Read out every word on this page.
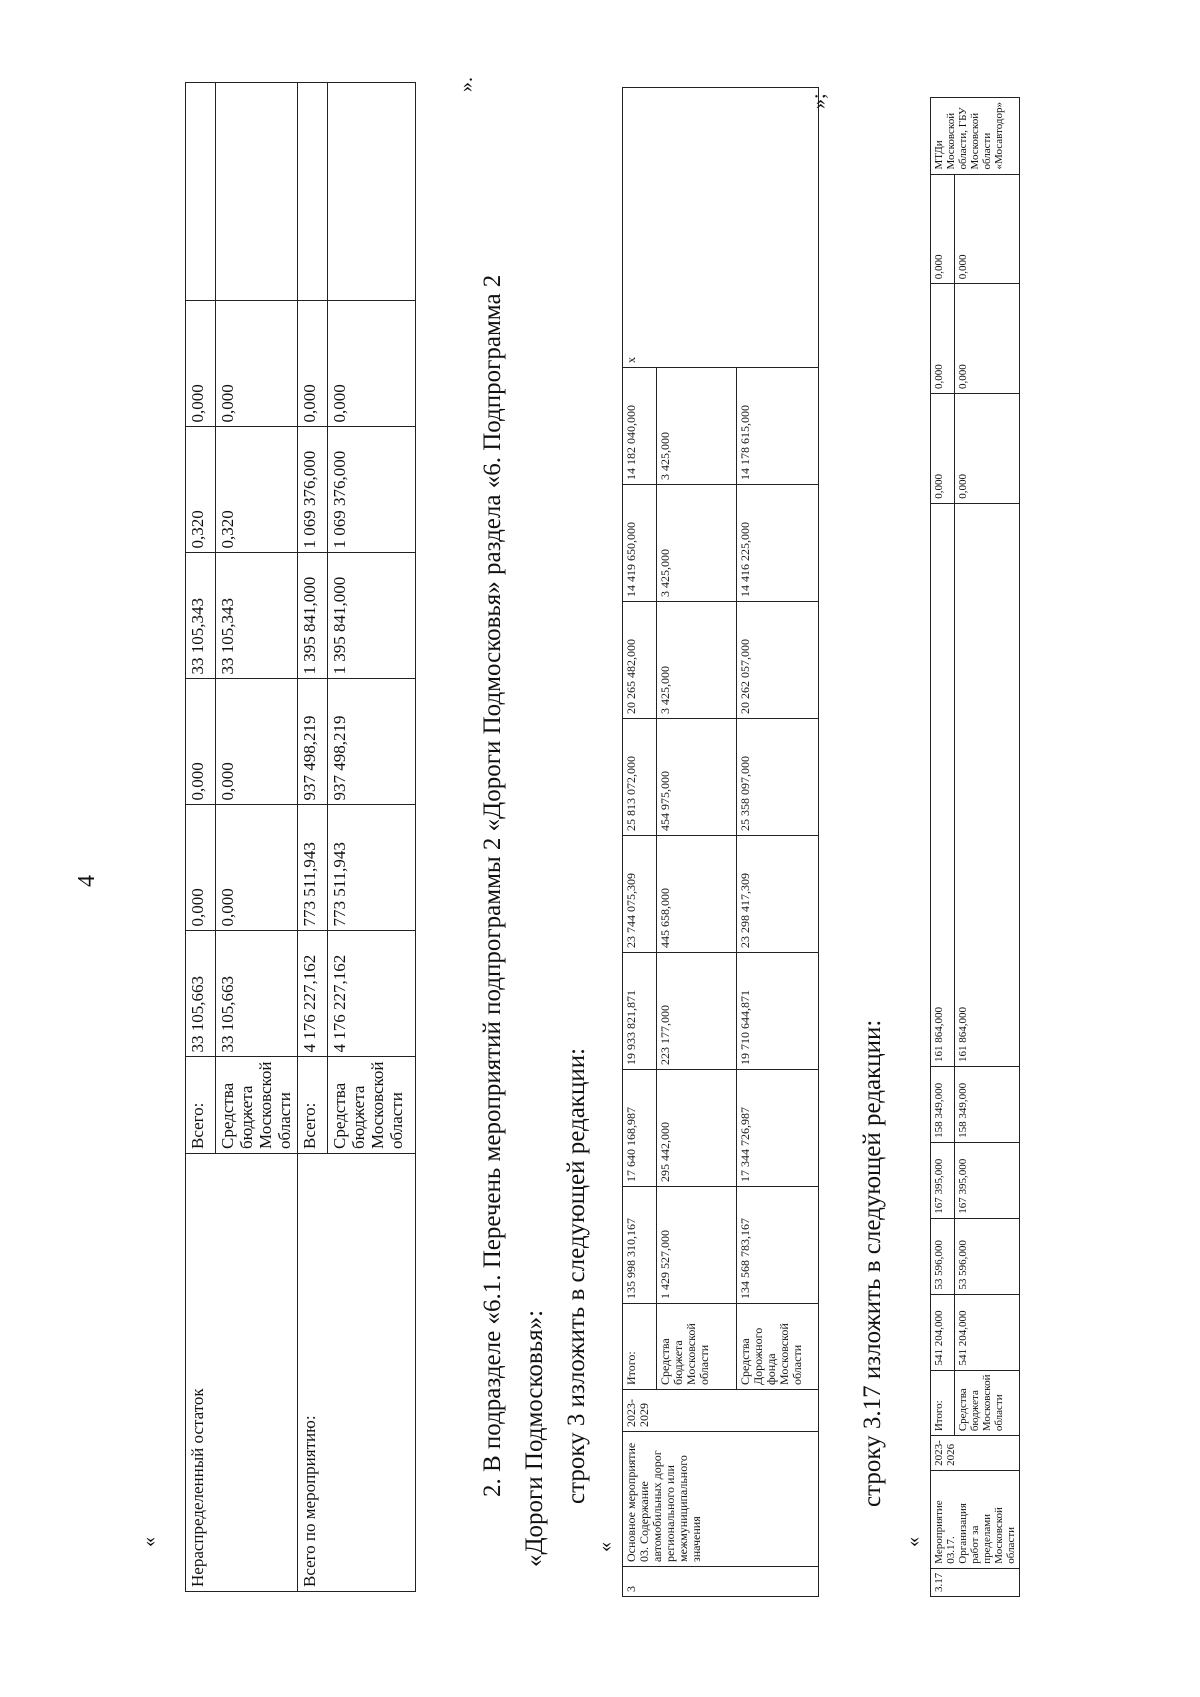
4
« Нераспределенный остаток	Всего:	33 105,663	0,000	0,000	33 105,343	0,320	0,000	
	Средства бюджета Московской области	33 105,663	0,000	0,000	33 105,343	0,320	0,000	
Всего по мероприятию:	Всего:	4 176 227,162	773 511,943	937 498,219	1 395 841,000	1 069 376,000	0,000	
	Средства бюджета Московской области	4 176 227,162	773 511,943	937 498,219	1 395 841,000	1 069 376,000	0,000	
».
2. В подразделе «6.1. Перечень мероприятий подпрограммы 2 «Дороги Подмосковья» раздела «6. Подпрограмма 2 «Дороги Подмосковья»: строку 3 изложить в следующей редакции:
«
3	Основное мероприятие 03. Содержание автомобильных дорог регионального или межмуниципального значения	2023-2029	Итого:	135 998 310,167	17 640 168,987	19 933 821,871	23 744 075,309	25 813 072,000	20 265 482,000	14 419 650,000	14 182 040,000	x
			Средства бюджета Московской области	1 429 527,000	295 442,000	223 177,000	445 658,000	454 975,000	3 425,000	3 425,000	3 425,000	
			Средства Дорожного фонда Московской области	134 568 783,167	17 344 726,987	19 710 644,871	23 298 417,309	25 358 097,000	20 262 057,000	14 416 225,000	14 178 615,000	
»;
строку 3.17 изложить в следующей редакции:
«
3.17	Мероприятие 03.17. Организация работ за пределами Московской области	2023-2026	Итого:	541 204,000	53 596,000	167 395,000	158 349,000	161 864,000	0,000	0,000	0,000	МТДи Московской области, ГБУ Московской области «Мосавтодор»
			Средства бюджета Московской области	541 204,000	53 596,000	167 395,000	158 349,000	161 864,000	0,000	0,000	0,000	
